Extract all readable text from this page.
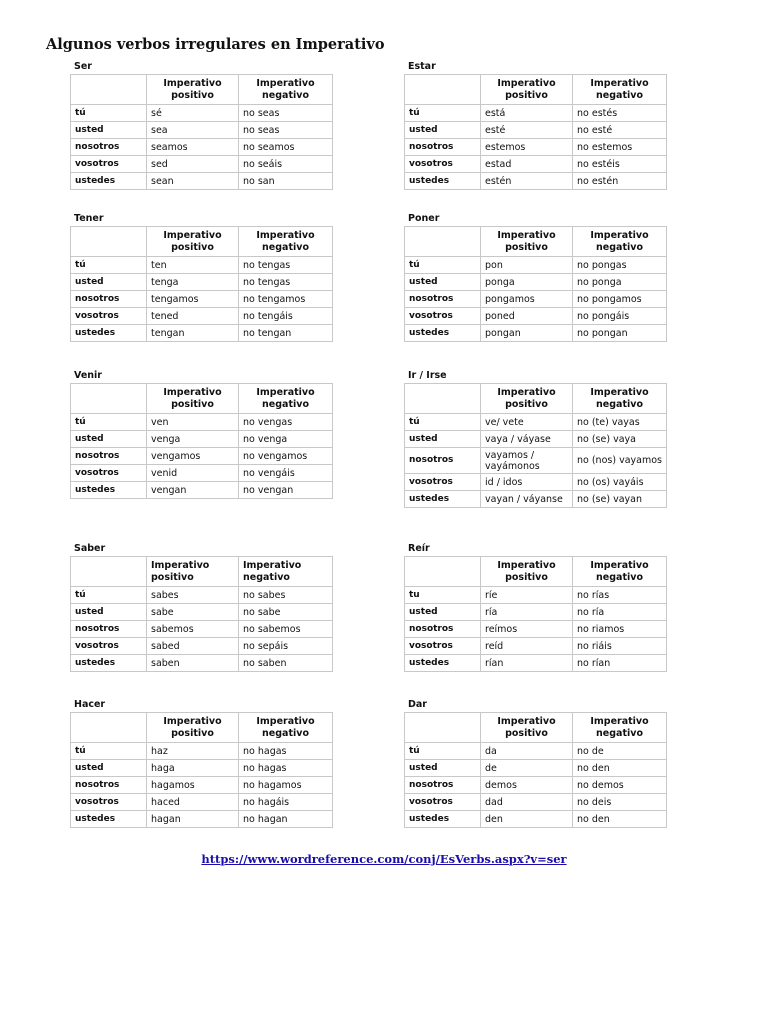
Algunos verbos irregulares en Imperativo
Ser
	Imperativo positivo	Imperativo negativo
tú	sé	no seas
usted	sea	no seas
nosotros	seamos	no seamos
vosotros	sed	no seáis
ustedes	sean	no san
Estar
	Imperativo positivo	Imperativo negativo
tú	está	no estés
usted	esté	no esté
nosotros	estemos	no estemos
vosotros	estad	no estéis
ustedes	estén	no estén
Tener
	Imperativo positivo	Imperativo negativo
tú	ten	no tengas
usted	tenga	no tengas
nosotros	tengamos	no tengamos
vosotros	tened	no tengáis
ustedes	tengan	no tengan
Poner
	Imperativo positivo	Imperativo negativo
tú	pon	no pongas
usted	ponga	no ponga
nosotros	pongamos	no pongamos
vosotros	poned	no pongáis
ustedes	pongan	no pongan
Venir
	Imperativo positivo	Imperativo negativo
tú	ven	no vengas
usted	venga	no venga
nosotros	vengamos	no vengamos
vosotros	venid	no vengáis
ustedes	vengan	no vengan
Ir / Irse
	Imperativo positivo	Imperativo negativo
tú	ve/ vete	no (te) vayas
usted	vaya / váyase	no (se) vaya
nosotros	vayamos / vayámonos	no (nos) vayamos
vosotros	id / idos	no (os) vayáis
ustedes	vayan / váyanse	no (se) vayan
Saber
	Imperativo positivo	Imperativo negativo
tú	sabes	no sabes
usted	sabe	no sabe
nosotros	sabemos	no sabemos
vosotros	sabed	no sepáis
ustedes	saben	no saben
Reír
	Imperativo positivo	Imperativo negativo
tu	ríe	no rías
usted	ría	no ría
nosotros	reímos	no riamos
vosotros	reíd	no riáis
ustedes	rían	no rían
Hacer
	Imperativo positivo	Imperativo negativo
tú	haz	no hagas
usted	haga	no hagas
nosotros	hagamos	no hagamos
vosotros	haced	no hagáis
ustedes	hagan	no hagan
Dar
	Imperativo positivo	Imperativo negativo
tú	da	no de
usted	de	no den
nosotros	demos	no demos
vosotros	dad	no deis
ustedes	den	no den
https://www.wordreference.com/conj/EsVerbs.aspx?v=ser
